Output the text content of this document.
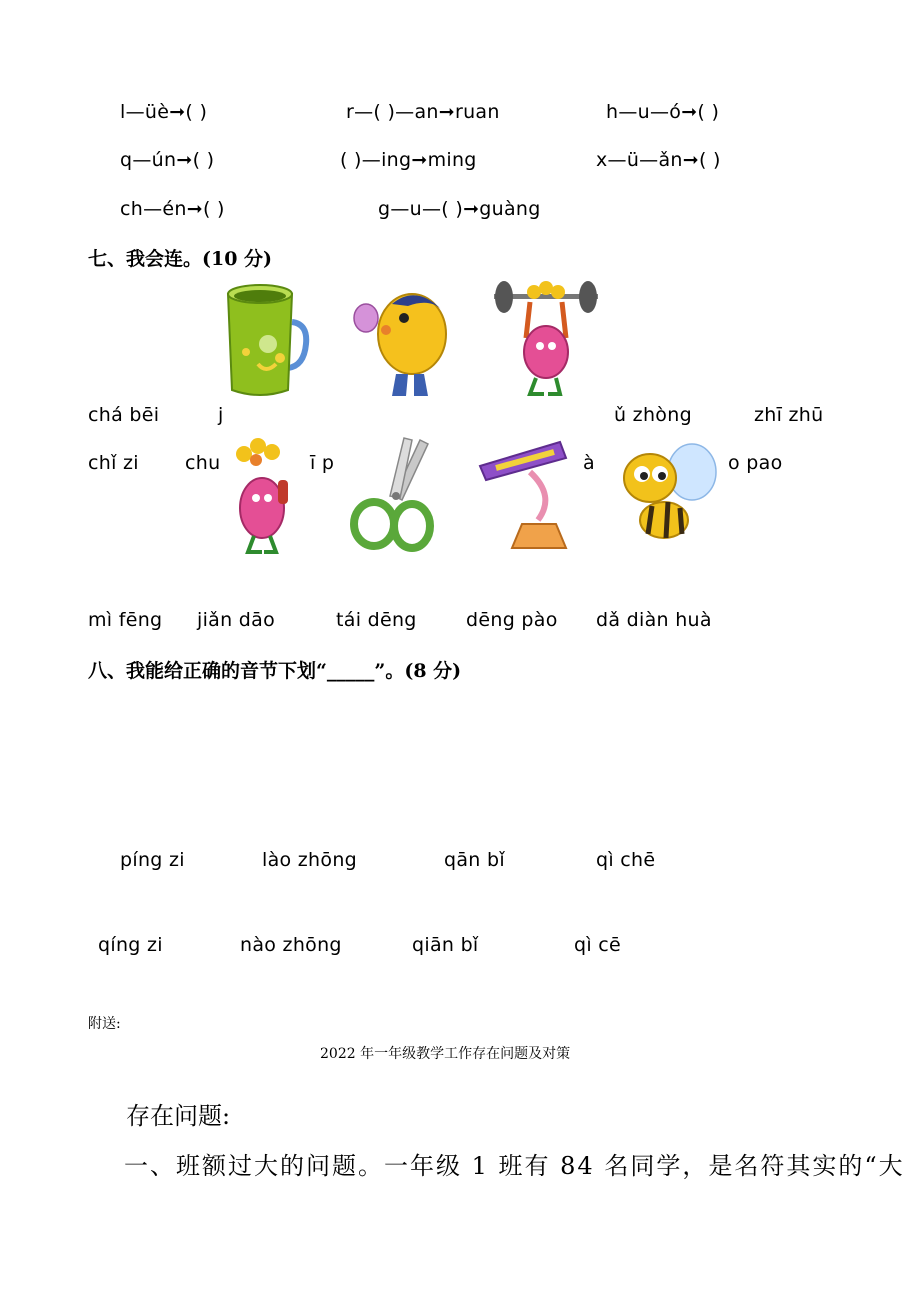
l—üè➞( )	r—( )—an➞ruan	h—u—ó➞( )
q—ún➞( )	( )—ing➞ming	x—ü—ǎn➞( )
ch—én➞( )	g—u—( )➞guàng
七、我会连。(10 分)
chá bēi	j	ǔ zhòng	zhī zhū
chǐ zi chu	ī p	à	o pao
mì fēng jiǎn dāo	tái dēng	dēng pào dǎ diàn huà
八、我能给正确的音节下划“_____”。(8 分)
píng zi	lào zhōng	qān bǐ	qì chē
qíng zi	nào zhōng	qiān bǐ	qì cē
附送:
2022 年一年级教学工作存在问题及对策
存在问题:
一、班额过大的问题。一年级 1 班有 84 名同学，是名符其实的“大
